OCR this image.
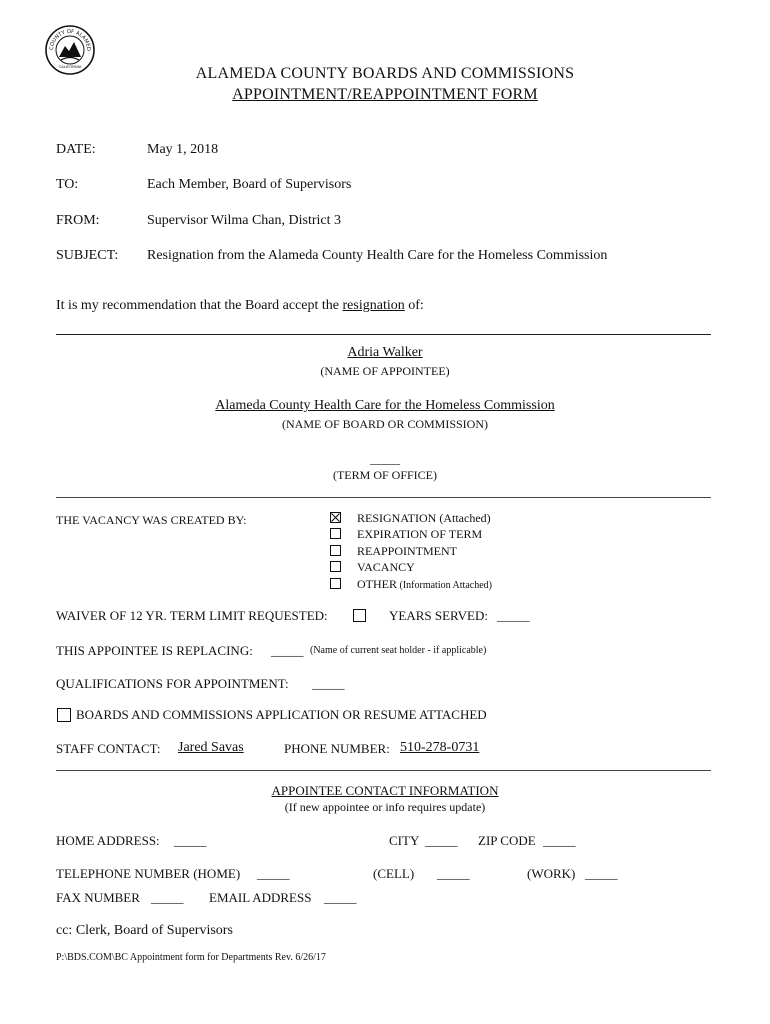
COUNTY OF ALAMED
CALIFORNIA	ALAMEDA COUNTY BOARDS AND COMMISSIONS
APPOINTMENT/REAPPOINTMENT FORM
DATE:	May 1, 2018
TO:	Each Member, Board of Supervisors
FROM:	Supervisor Wilma Chan, District 3
SUBJECT: Resignation from the Alameda County Health Care for the Homeless Commission
It is my recommendation that the Board accept the resignation of:
Adria Walker
(NAME OF APPOINTEE)
Alameda County Health Care for the Homeless Commission
(NAME OF BOARD OR COMMISSION)
_____
(TERM OF OFFICE)
THE VACANCY WAS CREATED BY:	RESIGNATION (Attached)
EXPIRATION OF TERM
REAPPOINTMENT
VACANCY
OTHER (Information Attached)
WAIVER OF 12 YR. TERM LIMIT REQUESTED:	YEARS SERVED: _____
THIS APPOINTEE IS REPLACING: _____ (Name of current seat holder - if applicable)
QUALIFICATIONS FOR APPOINTMENT: _____
BOARDS AND COMMISSIONS APPLICATION OR RESUME ATTACHED
STAFF CONTACT: Jared Savas	PHONE NUMBER: 510-278-0731
APPOINTEE CONTACT INFORMATION
(If new appointee or info requires update)
HOME ADDRESS: _____	CITY _____ ZIP CODE _____
TELEPHONE NUMBER (HOME) _____	(CELL) _____	(WORK) _____
FAX NUMBER _____ EMAIL ADDRESS _____
cc: Clerk, Board of Supervisors
P:\BDS.COM\BC Appointment form for Departments Rev. 6/26/17
